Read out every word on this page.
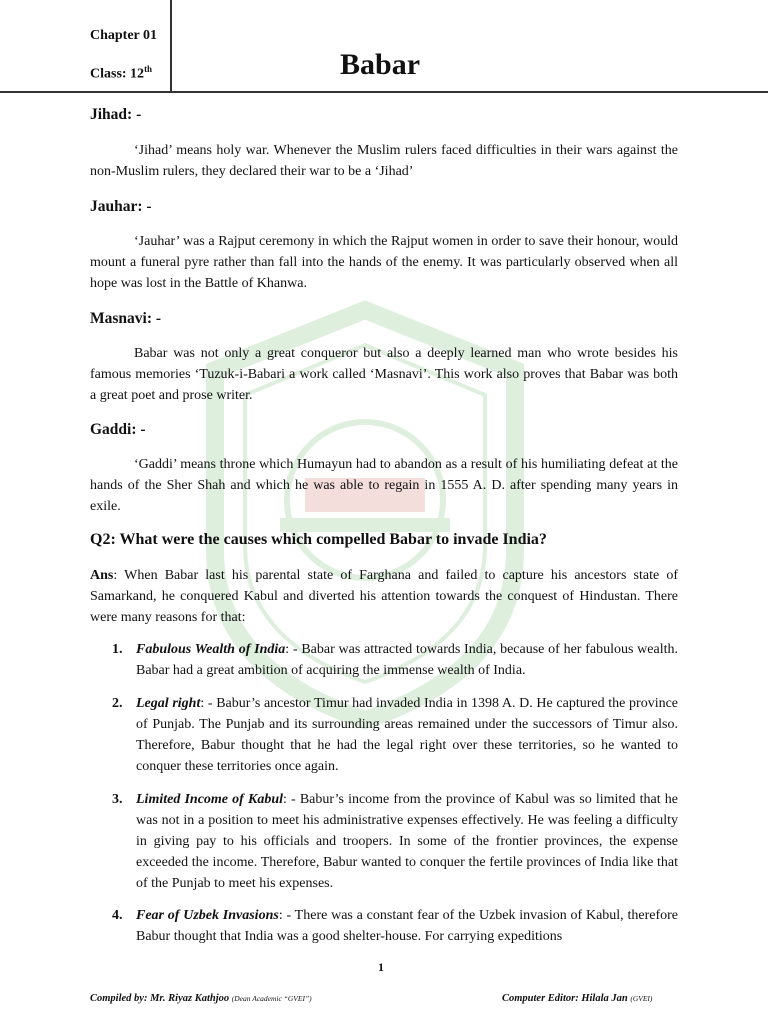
Chapter 01
Class: 12th	Babar
Jihad: -

‘Jihad’ means holy war. Whenever the Muslim rulers faced difficulties in their wars against the non-Muslim rulers, they declared their war to be a ‘Jihad’

Jauhar: -

‘Jauhar’ was a Rajput ceremony in which the Rajput women in order to save their honour, would mount a funeral pyre rather than fall into the hands of the enemy. It was particularly observed when all hope was lost in the Battle of Khanwa.

Masnavi: -

Babar was not only a great conqueror but also a deeply learned man who wrote besides his famous memories ‘Tuzuk-i-Babari a work called ‘Masnavi’. This work also proves that Babar was both a great poet and prose writer.

Gaddi: -

‘Gaddi’ means throne which Humayun had to abandon as a result of his humiliating defeat at the hands of the Sher Shah and which he was able to regain in 1555 A. D. after spending many years in exile.

Q2: What were the causes which compelled Babar to invade India?

Ans: When Babar last his parental state of Farghana and failed to capture his ancestors state of Samarkand, he conquered Kabul and diverted his attention towards the conquest of Hindustan. There were many reasons for that:

1. Fabulous Wealth of India: - Babar was attracted towards India, because of her fabulous wealth. Babar had a great ambition of acquiring the immense wealth of India.
2. Legal right: - Babur’s ancestor Timur had invaded India in 1398 A. D. He captured the province of Punjab. The Punjab and its surrounding areas remained under the successors of Timur also. Therefore, Babur thought that he had the legal right over these territories, so he wanted to conquer these territories once again.
3. Limited Income of Kabul: - Babur’s income from the province of Kabul was so limited that he was not in a position to meet his administrative expenses effectively. He was feeling a difficulty in giving pay to his officials and troopers. In some of the frontier provinces, the expense exceeded the income. Therefore, Babur wanted to conquer the fertile provinces of India like that of the Punjab to meet his expenses.
4. Fear of Uzbek Invasions: - There was a constant fear of the Uzbek invasion of Kabul, therefore Babur thought that India was a good shelter-house. For carrying expeditions
1
Compiled by: Mr. Riyaz Kathjoo (Dean Academic “GVEI”)	Computer Editor: Hilala Jan (GVEI)
